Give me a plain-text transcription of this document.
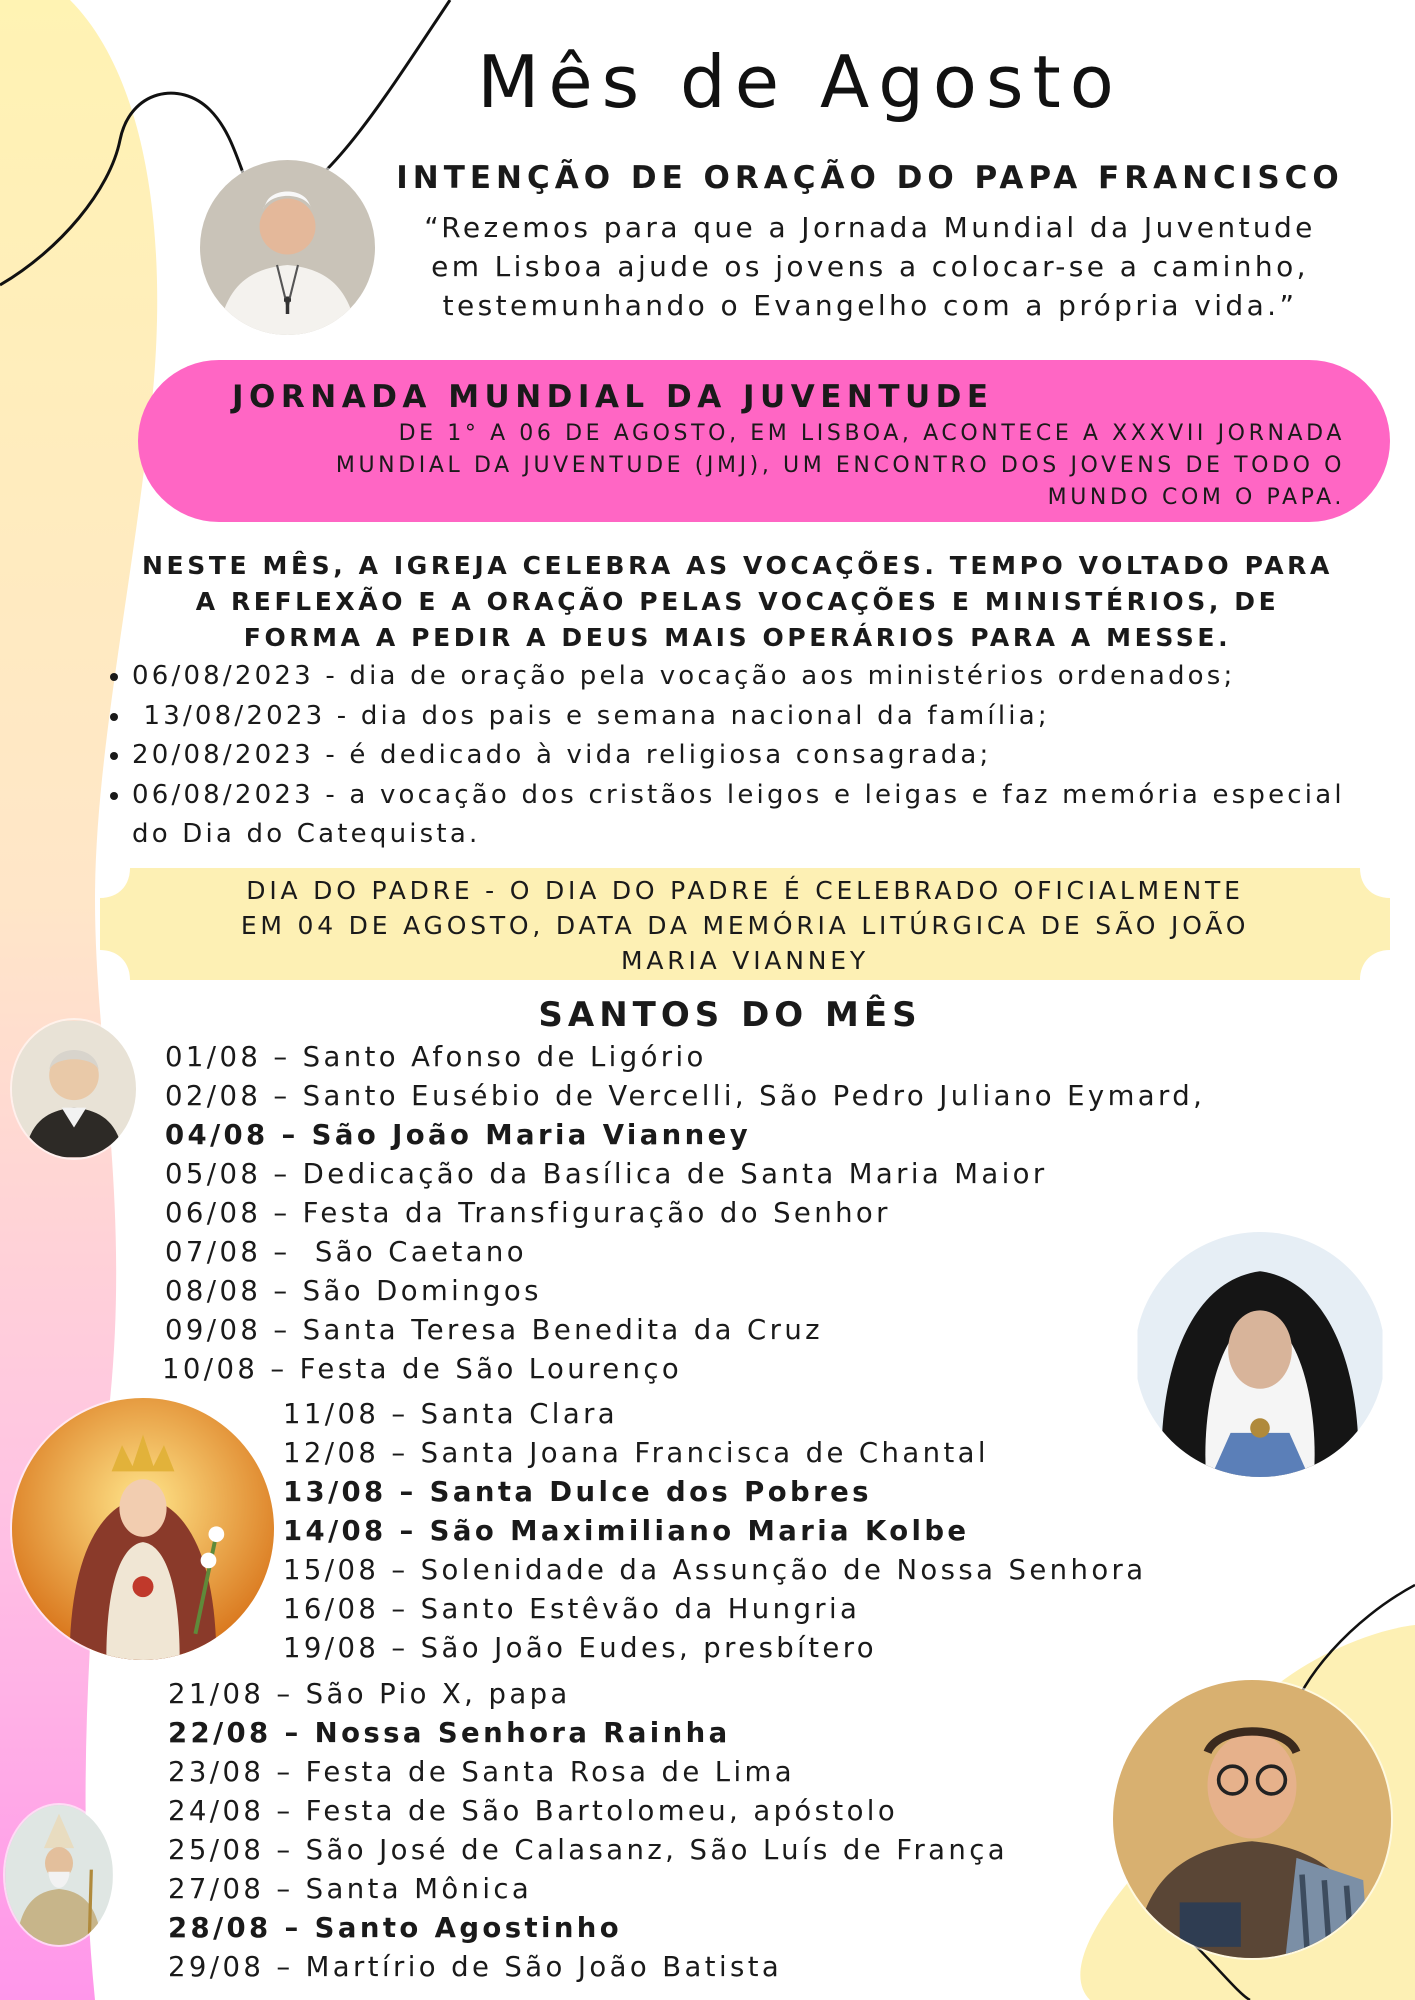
Mês de Agosto
INTENÇÃO DE ORAÇÃO DO PAPA FRANCISCO
“Rezemos para que a Jornada Mundial da Juventude
em Lisboa ajude os jovens a colocar-se a caminho,
testemunhando o Evangelho com a própria vida.”
JORNADA MUNDIAL DA JUVENTUDE
DE 1° A 06 DE AGOSTO, EM LISBOA, ACONTECE A XXXVII JORNADA
MUNDIAL DA JUVENTUDE (JMJ), UM ENCONTRO DOS JOVENS DE TODO O
MUNDO COM O PAPA.
NESTE MÊS, A IGREJA CELEBRA AS VOCAÇÕES. TEMPO VOLTADO PARA
A REFLEXÃO E A ORAÇÃO PELAS VOCAÇÕES E MINISTÉRIOS, DE
FORMA A PEDIR A DEUS MAIS OPERÁRIOS PARA A MESSE.
• 06/08/2023 - dia de oração pela vocação aos ministérios ordenados;
•  13/08/2023 - dia dos pais e semana nacional da família;
• 20/08/2023 - é dedicado à vida religiosa consagrada;
• 06/08/2023 - a vocação dos cristãos leigos e leigas e faz memória especial do Dia do Catequista.
DIA DO PADRE - O DIA DO PADRE É CELEBRADO OFICIALMENTE
EM 04 DE AGOSTO, DATA DA MEMÓRIA LITÚRGICA DE SÃO JOÃO
MARIA VIANNEY
SANTOS DO MÊS
01/08 – Santo Afonso de Ligório
02/08 – Santo Eusébio de Vercelli, São Pedro Juliano Eymard,
04/08 – São João Maria Vianney
05/08 – Dedicação da Basílica de Santa Maria Maior
06/08 – Festa da Transfiguração do Senhor
07/08 –  São Caetano
08/08 – São Domingos
09/08 – Santa Teresa Benedita da Cruz
10/08 – Festa de São Lourenço
11/08 – Santa Clara
12/08 – Santa Joana Francisca de Chantal
13/08 – Santa Dulce dos Pobres
14/08 – São Maximiliano Maria Kolbe
15/08 – Solenidade da Assunção de Nossa Senhora
16/08 – Santo Estêvão da Hungria
19/08 – São João Eudes, presbítero
21/08 – São Pio X, papa
22/08 – Nossa Senhora Rainha
23/08 – Festa de Santa Rosa de Lima
24/08 – Festa de São Bartolomeu, apóstolo
25/08 – São José de Calasanz, São Luís de França
27/08 – Santa Mônica
28/08 – Santo Agostinho
29/08 – Martírio de São João Batista
